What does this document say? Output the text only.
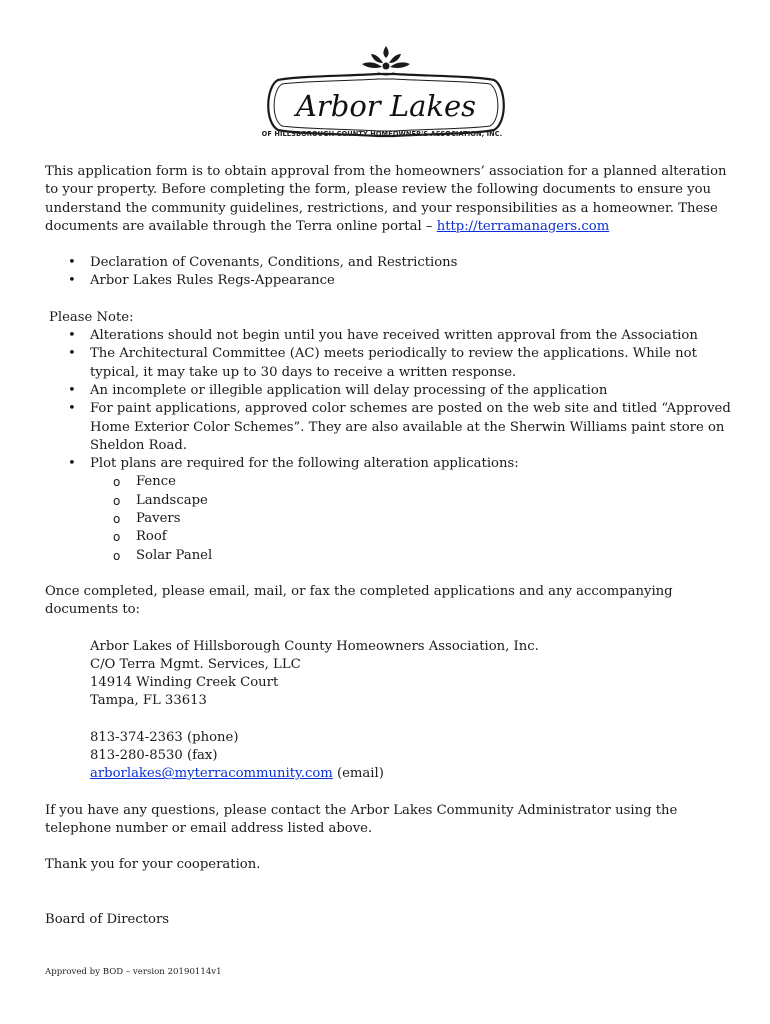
Arbor Lakes
OF HILLSBOROUGH COUNTY HOMEOWNER'S ASSOCIATION, INC.

This application form is to obtain approval from the homeowners’ association for a planned alteration to your property. Before completing the form, please review the following documents to ensure you understand the community guidelines, restrictions, and your responsibilities as a homeowner. These documents are available through the Terra online portal – http://terramanagers.com

• Declaration of Covenants, Conditions, and Restrictions
• Arbor Lakes Rules Regs-Appearance

Please Note:

• Alterations should not begin until you have received written approval from the Association
• The Architectural Committee (AC) meets periodically to review the applications. While not typical, it may take up to 30 days to receive a written response.
• An incomplete or illegible application will delay processing of the application
• For paint applications, approved color schemes are posted on the web site and titled “Approved Home Exterior Color Schemes”. They are also available at the Sherwin Williams paint store on Sheldon Road.
• Plot plans are required for the following alteration applications:
o Fence
o Landscape
o Pavers
o Roof
o Solar Panel

Once completed, please email, mail, or fax the completed applications and any accompanying documents to:

Arbor Lakes of Hillsborough County Homeowners Association, Inc.

C/O Terra Mgmt. Services, LLC

14914 Winding Creek Court

Tampa, FL 33613

813-374-2363 (phone)

813-280-8530 (fax)

arborlakes@myterracommunity.com (email)

If you have any questions, please contact the Arbor Lakes Community Administrator using the telephone number or email address listed above.

Thank you for your cooperation.

Board of Directors

Approved by BOD – version 20190114v1
